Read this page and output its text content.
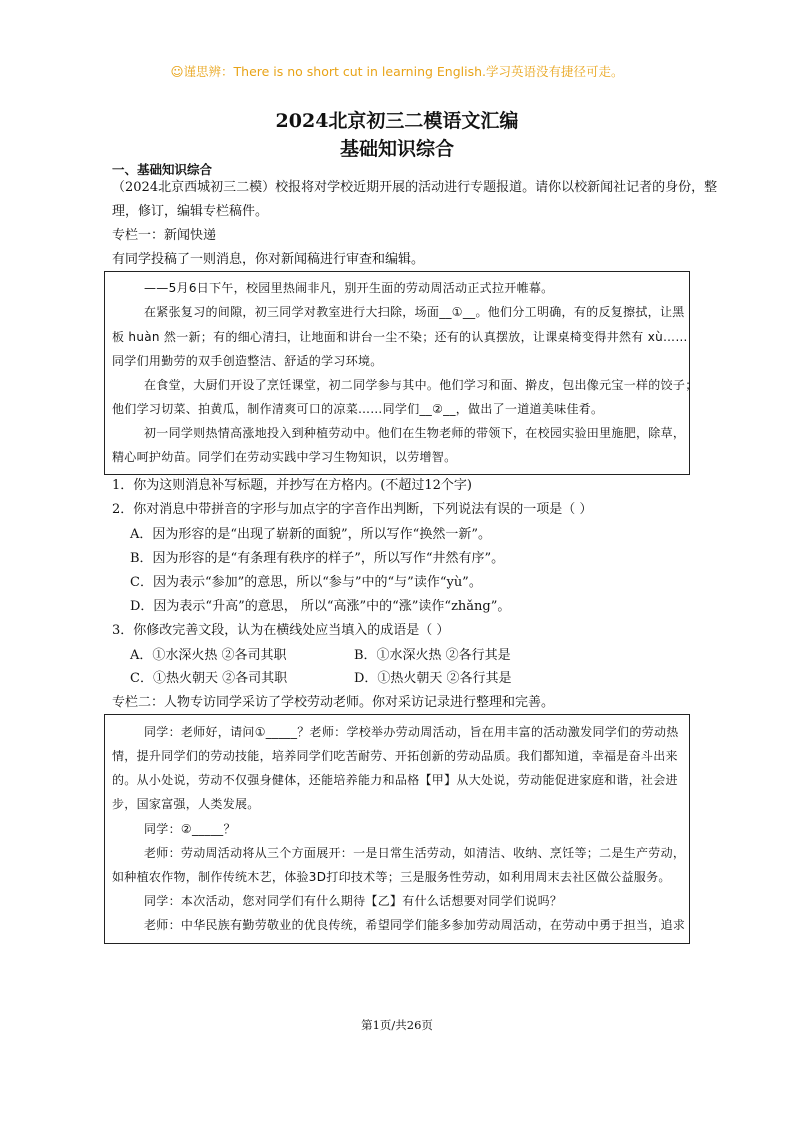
☺谨思辨：There is no short cut in learning English.学习英语没有捷径可走。
2024北京初三二模语文汇编
基础知识综合
一、基础知识综合
（2024北京西城初三二模）校报将对学校近期开展的活动进行专题报道。请你以校新闻社记者的身份，整
理，修订，编辑专栏稿件。
专栏一：新闻快递
有同学投稿了一则消息，你对新闻稿进行审查和编辑。
——5月6日下午，校园里热闹非凡，别开生面的劳动周活动正式拉开帷幕。
在紧张复习的间隙，初三同学对教室进行大扫除，场面__①__。他们分工明确，有的反复擦拭，让黑
板 huàn 然一新；有的细心清扫，让地面和讲台一尘不染；还有的认真摆放，让课桌椅变得井然有 xù……
同学们用勤劳的双手创造整洁、舒适的学习环境。
在食堂，大厨们开设了烹饪课堂，初二同学参与其中。他们学习和面、擀皮，包出像元宝一样的饺子；
他们学习切菜、拍黄瓜，制作清爽可口的凉菜……同学们__②__，做出了一道道美味佳肴。
初一同学则热情高涨地投入到种植劳动中。他们在生物老师的带领下，在校园实验田里施肥，除草，
精心呵护幼苗。同学们在劳动实践中学习生物知识，以劳增智。
1．你为这则消息补写标题，并抄写在方格内。(不超过12个字)
2．你对消息中带拼音的字形与加点字的字音作出判断，下列说法有误的一项是（ ）
A．因为形容的是“出现了崭新的面貌”，所以写作“换然一新”。
B．因为形容的是“有条理有秩序的样子”，所以写作“井然有序”。
C．因为表示“参加”的意思，所以“参与”中的“与”读作“yù”。
D．因为表示“升高”的意思， 所以“高涨”中的“涨”读作“zhǎng”。
3．你修改完善文段，认为在横线处应当填入的成语是（ ）
A．①水深火热 ②各司其职	B．①水深火热 ②各行其是
C．①热火朝天 ②各司其职	D．①热火朝天 ②各行其是
专栏二：人物专访同学采访了学校劳动老师。你对采访记录进行整理和完善。
同学：老师好，请问①_____？老师：学校举办劳动周活动，旨在用丰富的活动激发同学们的劳动热
情，提升同学们的劳动技能，培养同学们吃苦耐劳、开拓创新的劳动品质。我们都知道，幸福是奋斗出来
的。从小处说，劳动不仅强身健体，还能培养能力和品格【甲】从大处说，劳动能促进家庭和谐，社会进
步，国家富强，人类发展。
同学：②_____？
老师：劳动周活动将从三个方面展开：一是日常生活劳动，如清洁、收纳、烹饪等；二是生产劳动，
如种植农作物，制作传统木艺，体验3D打印技术等；三是服务性劳动，如利用周末去社区做公益服务。
同学：本次活动，您对同学们有什么期待【乙】有什么话想要对同学们说吗？
老师：中华民族有勤劳敬业的优良传统，希望同学们能多参加劳动周活动，在劳动中勇于担当，追求
第1页/共26页
